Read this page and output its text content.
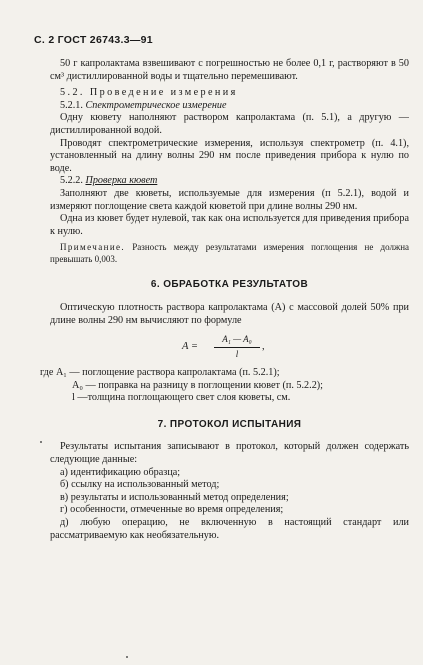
С. 2 ГОСТ 26743.3—91

50 г капролактама взвешивают с погрешностью не более 0,1 г, растворяют в 50 см³ дистиллированной воды и тщательно перемешивают.

5.2. Проведение измерения

5.2.1. Спектрометрическое измерение

Одну кювету наполняют раствором капролактама (п. 5.1), а другую — дистиллированной водой.

Проводят спектрометрические измерения, используя спектрометр (п. 4.1), установленный на длину волны 290 нм после приведения прибора к нулю по воде.

5.2.2. Проверка кювет

Заполняют две кюветы, используемые для измерения (п 5.2.1), водой и измеряют поглощение света каждой кюветой при длине волны 290 нм.

Одна из кювет будет нулевой, так как она используется для приведения прибора к нулю.

Примечание. Разность между результатами измерения поглощения не должна превышать 0,003.

6. ОБРАБОТКА РЕЗУЛЬТАТОВ

Оптическую плотность раствора капролактама (A) с массовой долей 50% при длине волны 290 нм вычисляют по формуле

$A = \frac{\text{A₁ — A₀}}{l}$ ,
где A₁ — поглощение раствора капролактама (п. 5.2.1);
A₀ — поправка на разницу в поглощении кювет (п. 5.2.2);
l —толщина поглощающего свет слоя кюветы, см.
7. ПРОТОКОЛ ИСПЫТАНИЯ

Результаты испытания записывают в протокол, который должен содержать следующие данные:

а) идентификацию образца;

б) ссылку на использованный метод;

в) результаты и использованный метод определения;

г) особенности, отмеченные во время определения;

д) любую операцию, не включенную в настоящий стандарт или рассматриваемую как необязательную.
